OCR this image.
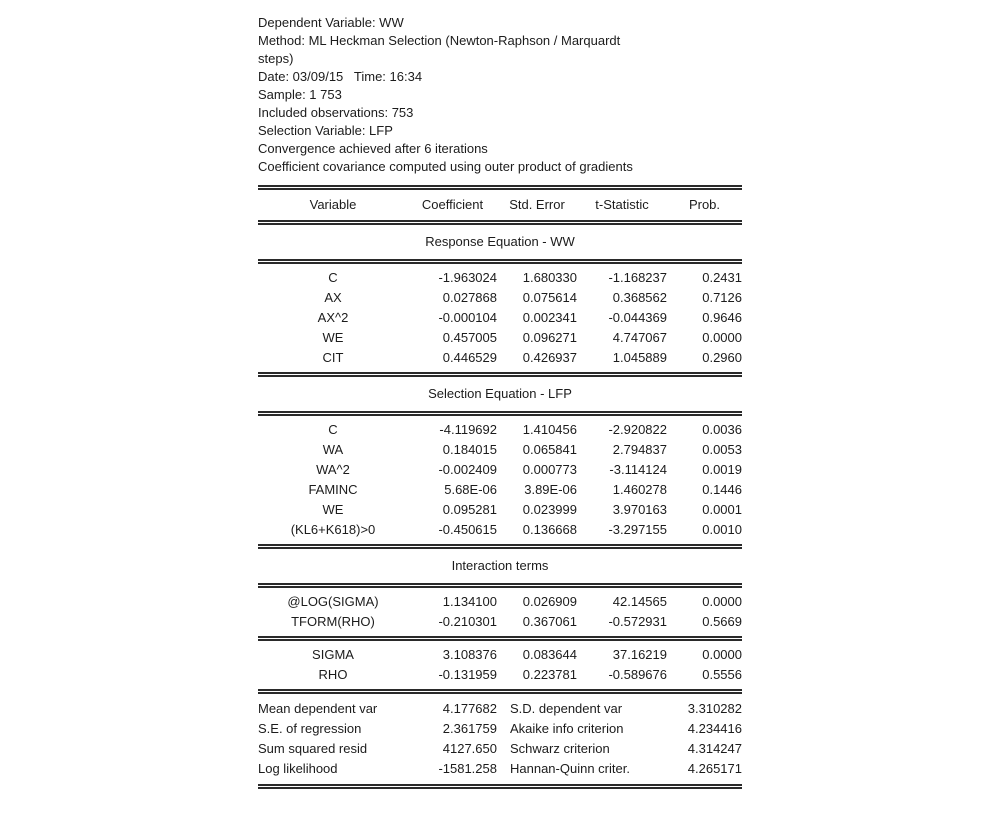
Dependent Variable: WW
Method: ML Heckman Selection (Newton-Raphson / Marquardt
steps)
Date: 03/09/15   Time: 16:34
Sample: 1 753
Included observations: 753
Selection Variable: LFP
Convergence achieved after 6 iterations
Coefficient covariance computed using outer product of gradients
Variable	Coefficient	Std. Error	t-Statistic	Prob.
Response Equation - WW
C	-1.963024	1.680330	-1.168237	0.2431
AX	0.027868	0.075614	0.368562	0.7126
AX^2	-0.000104	0.002341	-0.044369	0.9646
WE	0.457005	0.096271	4.747067	0.0000
CIT	0.446529	0.426937	1.045889	0.2960
Selection Equation - LFP
C	-4.119692	1.410456	-2.920822	0.0036
WA	0.184015	0.065841	2.794837	0.0053
WA^2	-0.002409	0.000773	-3.114124	0.0019
FAMINC	5.68E-06	3.89E-06	1.460278	0.1446
WE	0.095281	0.023999	3.970163	0.0001
(KL6+K618)>0	-0.450615	0.136668	-3.297155	0.0010
Interaction terms
@LOG(SIGMA)	1.134100	0.026909	42.14565	0.0000
TFORM(RHO)	-0.210301	0.367061	-0.572931	0.5669
SIGMA	3.108376	0.083644	37.16219	0.0000
RHO	-0.131959	0.223781	-0.589676	0.5556
Mean dependent var	4.177682	S.D. dependent var	3.310282
S.E. of regression	2.361759	Akaike info criterion	4.234416
Sum squared resid	4127.650	Schwarz criterion	4.314247
Log likelihood	-1581.258	Hannan-Quinn criter.	4.265171
